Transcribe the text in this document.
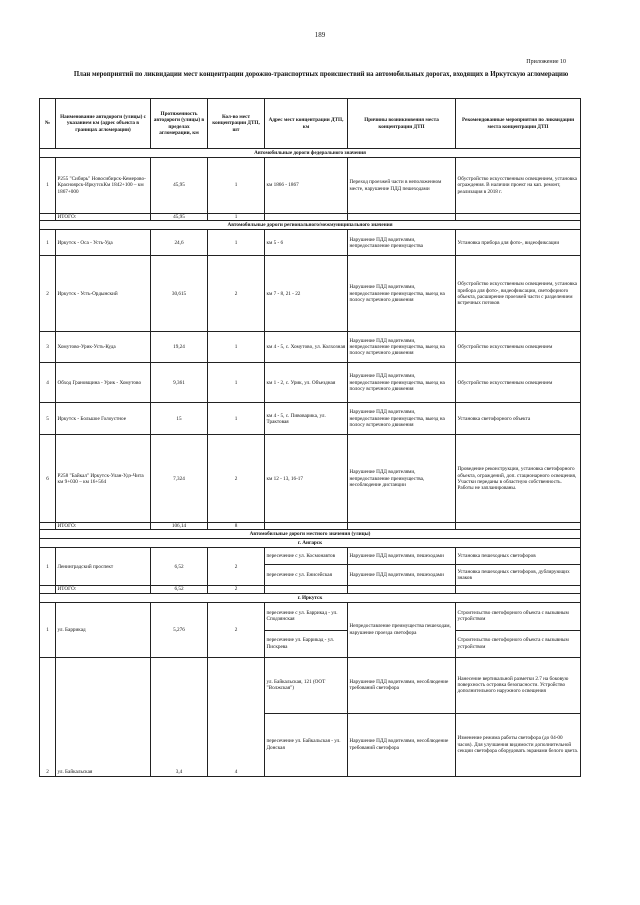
189
Приложение 10
План мероприятий по ликвидации мест концентрации дорожно-транспортных происшествий на автомобильных дорогах, входящих в Иркутскую агломерацию
№	Наименование автодороги (улицы) с указанием км (адрес объекта в границах агломерации)	Протяженность автодороги (улицы) в пределах агломерации, км	Кол-во мест концентрации ДТП, шт	Адрес мест концентрации ДТП, км	Причины возникновения места концентрации ДТП	Рекомендованные мероприятия по ликвидации места концентрации ДТП
Автомобильные дороги федерального значения						
1	Р255 "Сибирь" Новосибирск-Кемерово-Красноярск-ИркутскКм 1842+100 – км 1867+000	45,95	1	км 1866 - 1867	Переход проезжей части в неположенном месте, нарушение ПДД пешеходами	Обустройство искусственным освещением, установка ограждения. В наличии проект на кап. ремонт, реализация в 2018 г.
	ИТОГО:	45,95	1			
Автомобильные дороги регионального/межмуниципального значения						
1	Иркутск - Оса - Усть-Уда	24,6	1	км 5 - 6	Нарушение ПДД водителями, непредоставление преимущества	Установка прибора для фото-, видеофиксации
2	Иркутск - Усть-Ордынский	30,615	2	км 7 - 8, 21 - 22	Нарушение ПДД водителями, непредоставление преимущества, выезд на полосу встречного движения	Обустройство искусственным освещением, установка прибора для фото-, видеофиксации, светофорного объекта, расширение проезжей части с разделением встречных потоков
3	Хомутово-Урик-Усть-Куда	19,24	1	км 4 - 5, с. Хомутово, ул. Колхозная	Нарушение ПДД водителями, непредоставление преимущества, выезд на полосу встречного движения	Обустройство искусственным освещением
4	Обход Грановщина - Урик - Хомутово	9,361	1	км 1 - 2, с. Урик, ул. Объездная	Нарушение ПДД водителями, непредоставление преимущества, выезд на полосу встречного движения	Обустройство искусственным освещением
5	Иркутск - Большое Голоустное	15	1	км 4 - 5, с. Пивоварика, ул. Трактовая	Нарушение ПДД водителями, непредоставление преимущества, выезд на полосу встречного движения	Установка светофорного объекта
6	Р258 "Байкал" Иркутск-Улан-Удэ-Чита км 9+030 – км 16+564	7,324	2	км 12 - 13, 16-17	Нарушение ПДД водителями, непредоставление преимущества, несоблюдение дистанции	Проведение реконструкции, установка светофорного объекта, ограждений, доп. стационарного освещения, Участки переданы в областную собственность. Работы не запланированы.
	ИТОГО:	106,14	8			
Автомобильные дороги местного значения (улицы)						
г. Ангарск						
1	Ленинградский проспект	6,52	2	пересечение с ул. Космонавтов	Нарушение ПДД водителями, пешеходами	Установка пешеходных светофоров
				пересечение с ул. Енисейская	Нарушение ПДД водителями, пешеходами	Установка пешеходных светофоров, дублирующих знаков
	ИТОГО:	6,52	2			
г. Иркутск						
1	ул. Баррикад	5,276	2	пересечение с ул. Баррикад - ул. Сподзянская	Непредоставление преимущества пешеходам, нарушение проезда светофора	Строительство светофорного объекта с вызывным устройством
				пересечение ул. Баррикад - ул. Пискрева		Строительство светофорного объекта с вызывным устройством
2	ул. Байкальская	3,4	4	ул. Байкальская, 121 (ООТ "Волжская")	Нарушение ПДД водителями, несоблюдение требований светофора	Нанесение вертикальной разметки 2.7 на боковую поверхность островка безопасности. Устройство дополнительного наружного освещения
				пересечение ул. Байкальская - ул. Донская	Нарушение ПДД водителями, несоблюдение требований светофора	Изменение режима работы светофора (до 04-00 часов). Для улучшения видимости дополнительной секции светофора оборудовать экранами белого цвета.
